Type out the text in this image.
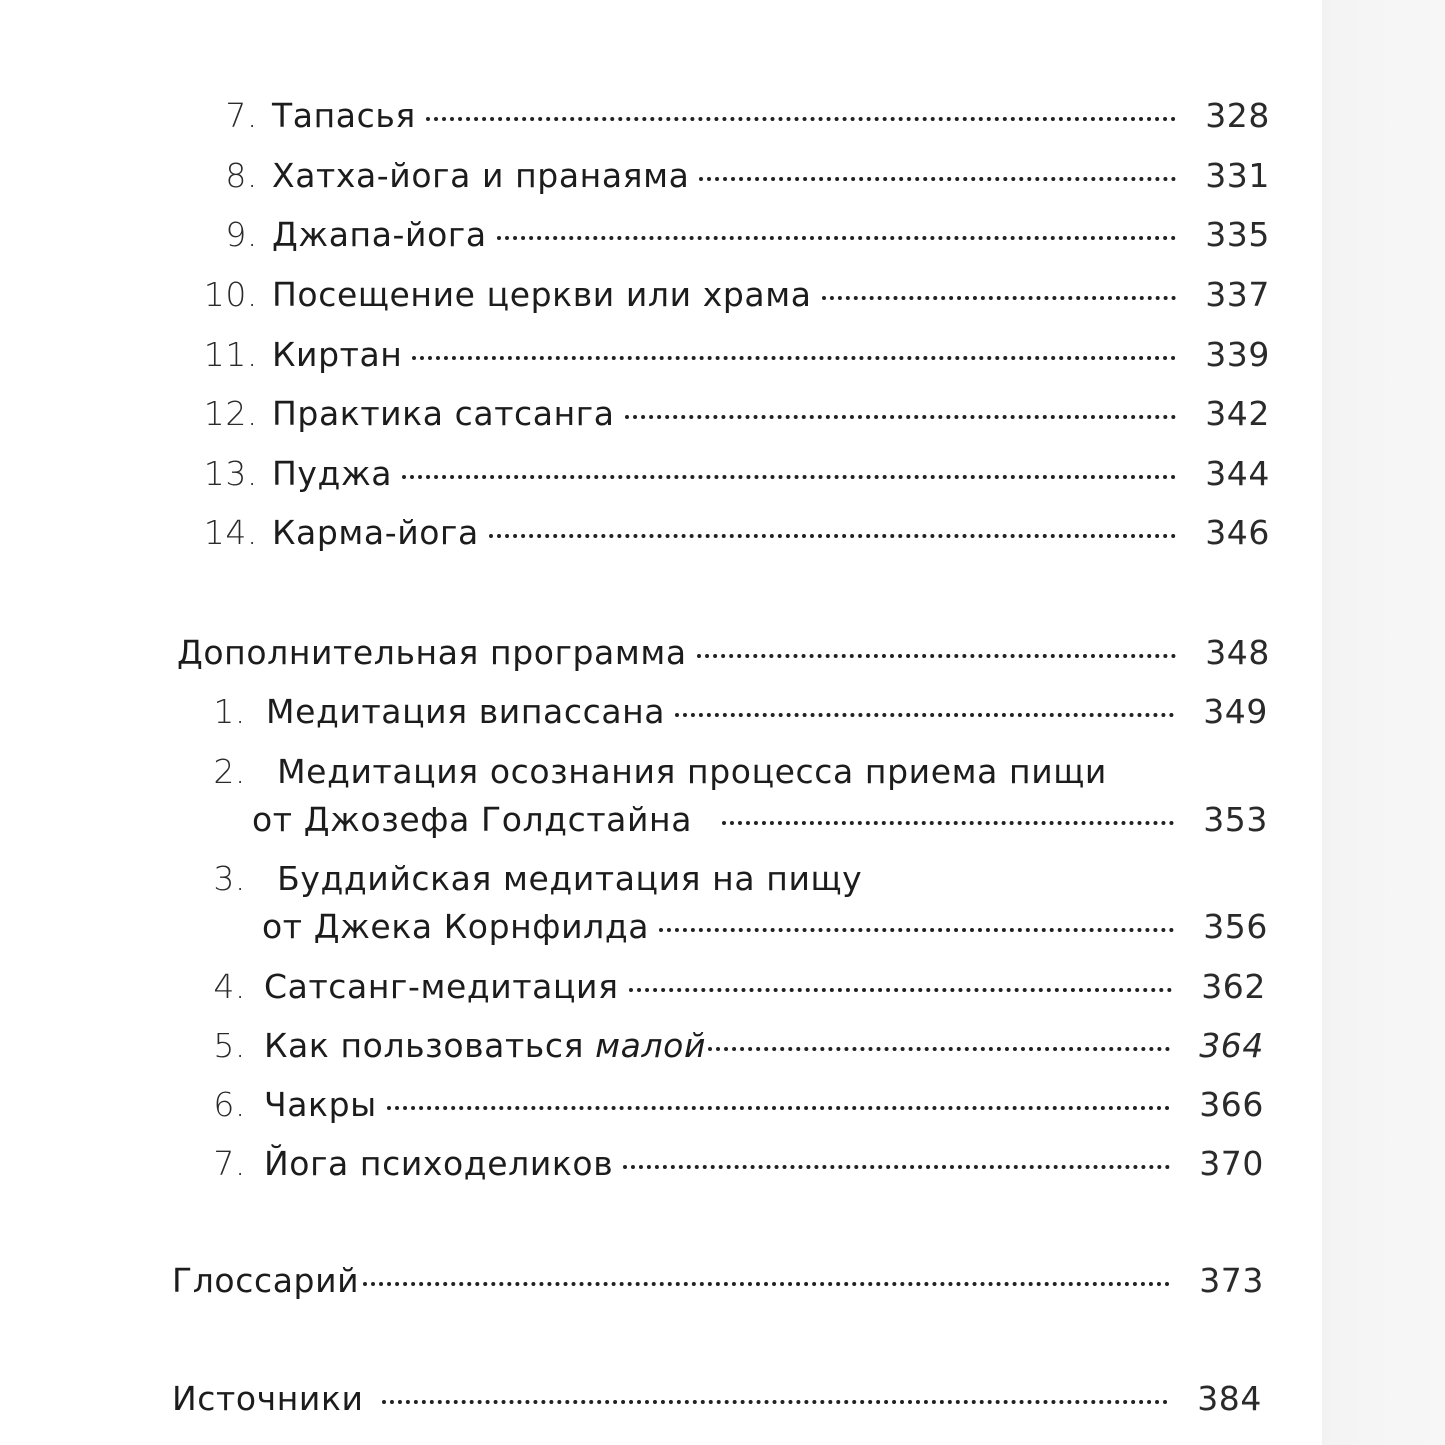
7. Тапасья	328
8. Хатха-йога и пранаяма	331
9. Джапа-йога	335
10. Посещение церкви или храма	337
11. Киртан	339
12. Практика сатсанга	342
13. Пуджа	344
14. Карма-йога	346
Дополнительная программа	348
1. Медитация випассана	349
2. Медитация осознания процесса приема пищи
от Джозефа Голдстайна	353
3. Буддийская медитация на пищу
от Джека Корнфилда	356
4. Сатсанг-медитация	362
5. Как пользоваться малой	364
6. Чакры	366
7. Йога психоделиков	370
Глоссарий	373
Источники	384
